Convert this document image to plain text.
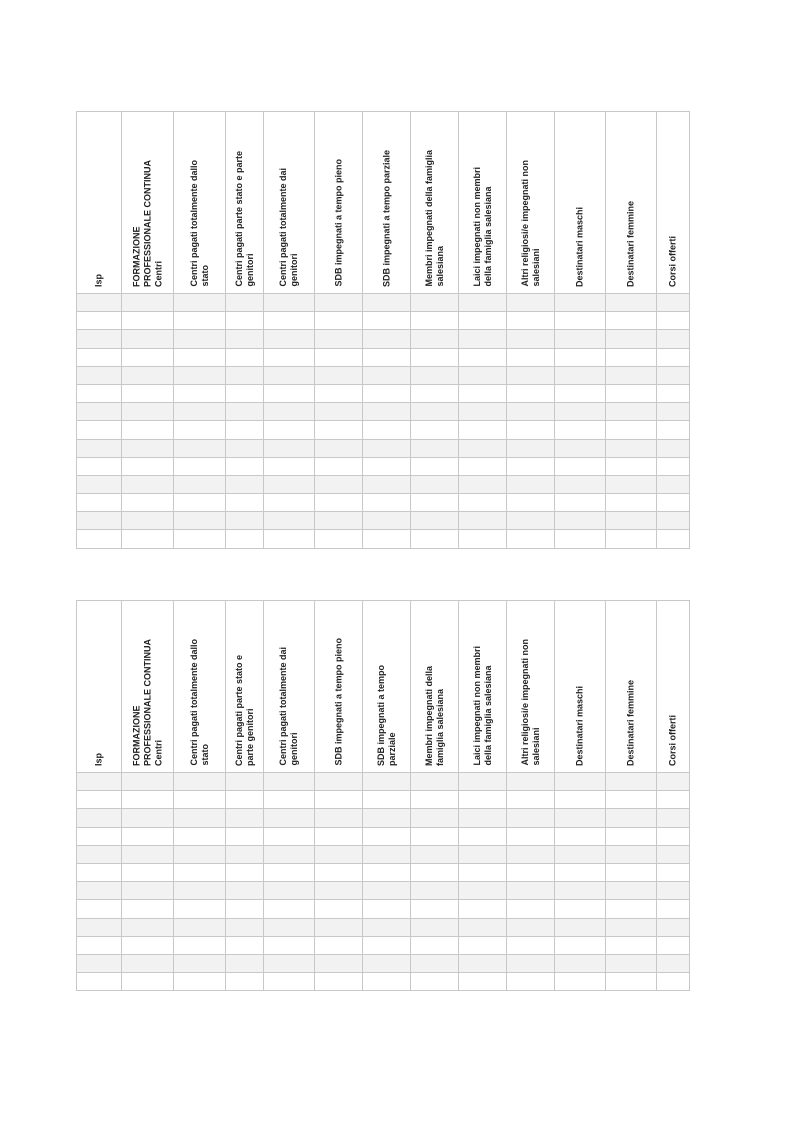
Isp	FORMAZIONE
PROFESSIONALE CONTINUA
Centri	Centri pagati totalmente dallo
stato	Centri pagati parte stato e parte
genitori	Centri pagati totalmente dai
genitori	SDB impegnati a tempo pieno	SDB impegnati a tempo parziale	Membri impegnati della famiglia
salesiana	Laici impegnati non membri
della famiglia salesiana	Altri religiosi/e impegnati non
salesiani	Destinatari maschi	Destinatari femmine	Corsi offerti

Isp	FORMAZIONE
PROFESSIONALE CONTINUA
Centri	Centri pagati totalmente dallo
stato	Centri pagati parte stato e
parte genitori	Centri pagati totalmente dai
genitori	SDB impegnati a tempo pieno	SDB impegnati a tempo
parziale	Membri impegnati della
famiglia salesiana	Laici impegnati non membri
della famiglia salesiana	Altri religiosi/e impegnati non
salesiani	Destinatari maschi	Destinatari femmine	Corsi offerti
